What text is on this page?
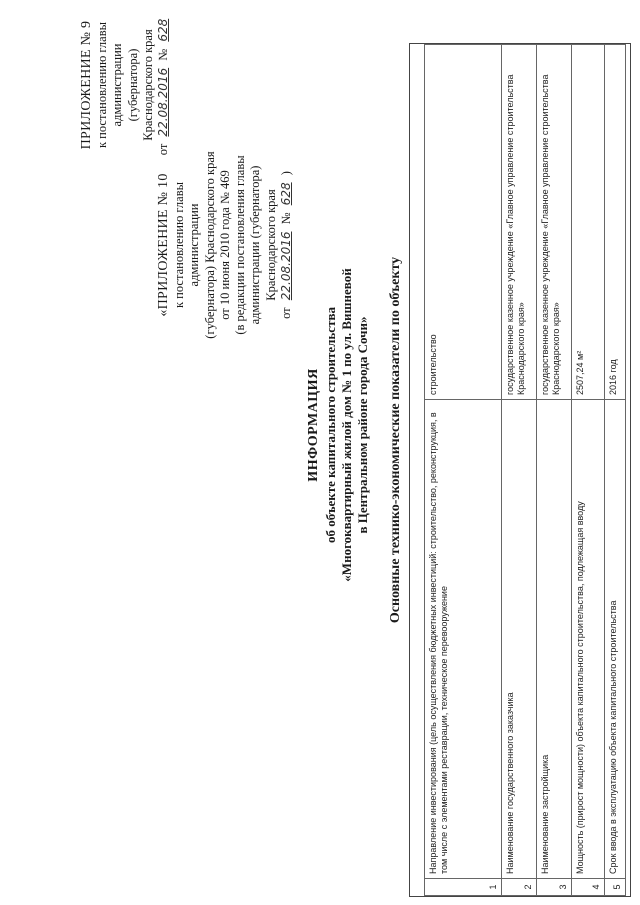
ПРИЛОЖЕНИЕ № 9 к постановлению главы администрации (губернатора) Краснодарского края
от 22.08.2016 № 628
«ПРИЛОЖЕНИЕ № 10 к постановлению главы администрации (губернатора) Краснодарского края от 10 июня 2010 года № 469 (в редакции постановления главы администрации (губернатора) Краснодарского края
от 22.08.2016 № 628 )
ИНФОРМАЦИЯ об объекте капитального строительства «Многоквартирный жилой дом № 1 по ул. Вишневой в Центральном районе города Сочи» Основные технико-экономические показатели по объекту
1	Направление инвестирования (цель осуществления бюджетных инвестиций: строительство, реконструкция, в том числе с элементами реставрации, техническое перевооружение	строительство
2	Наименование государственного заказчика	государственное казенное учреждение «Главное управление строительства Краснодарского края»
3	Наименование застройщика	государственное казенное учреждение «Главное управление строительства Краснодарского края»
4	Мощность (прирост мощности) объекта капитального строительства, подлежащая вводу	2507,24 м²
5	Срок ввода в эксплуатацию объекта капитального строительства	2016 год
